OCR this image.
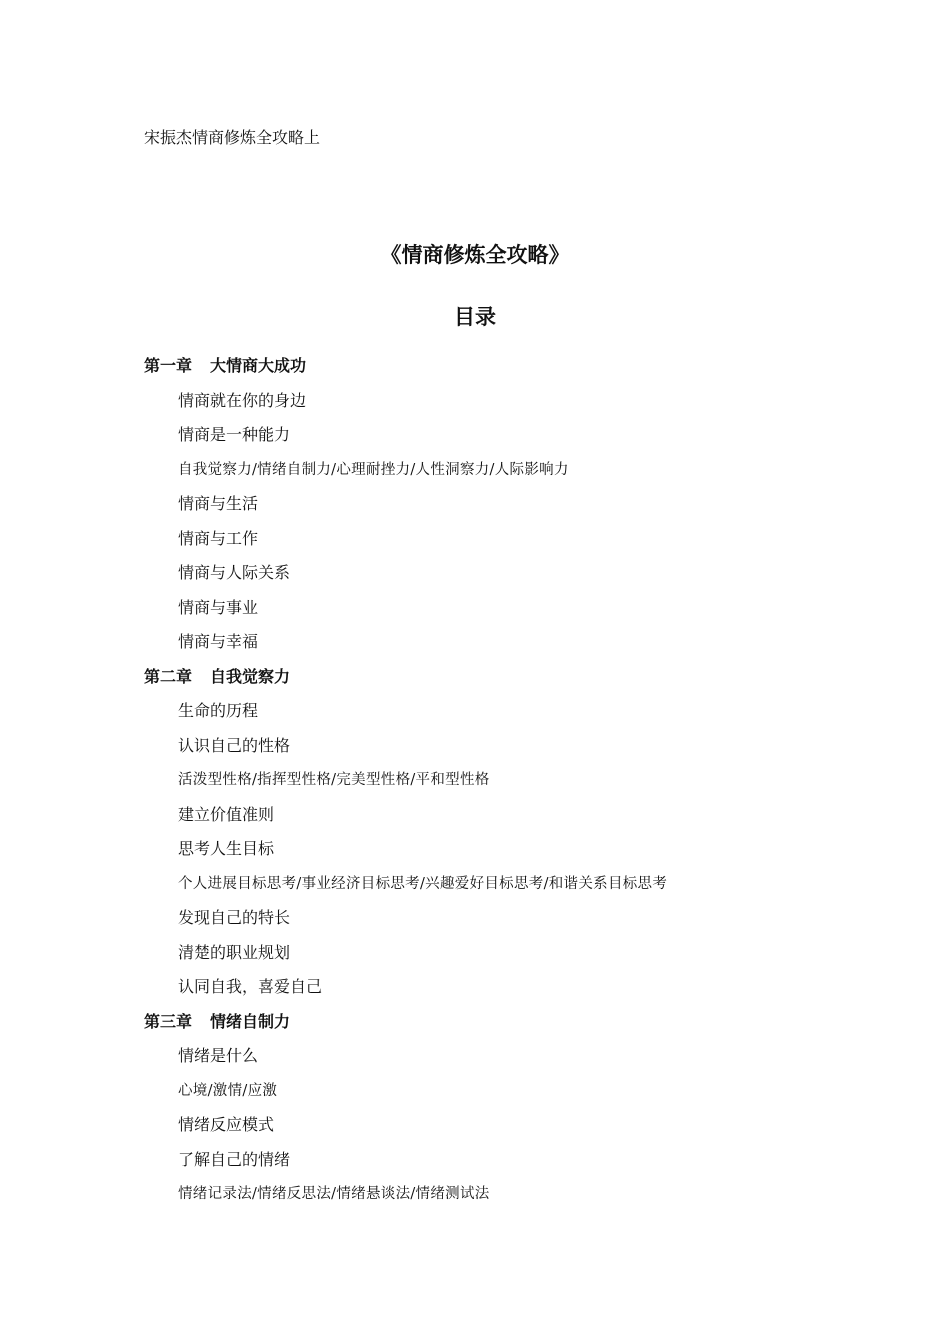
宋振杰情商修炼全攻略上
《情商修炼全攻略》
目录
第一章 大情商大成功
情商就在你的身边
情商是一种能力
自我觉察力/情绪自制力/心理耐挫力/人性洞察力/人际影响力
情商与生活
情商与工作
情商与人际关系
情商与事业
情商与幸福
第二章 自我觉察力
生命的历程
认识自己的性格
活泼型性格/指挥型性格/完美型性格/平和型性格
建立价值准则
思考人生目标
个人进展目标思考/事业经济目标思考/兴趣爱好目标思考/和谐关系目标思考
发现自己的特长
清楚的职业规划
认同自我，喜爱自己
第三章 情绪自制力
情绪是什么
心境/激情/应激
情绪反应模式
了解自己的情绪
情绪记录法/情绪反思法/情绪悬谈法/情绪测试法
